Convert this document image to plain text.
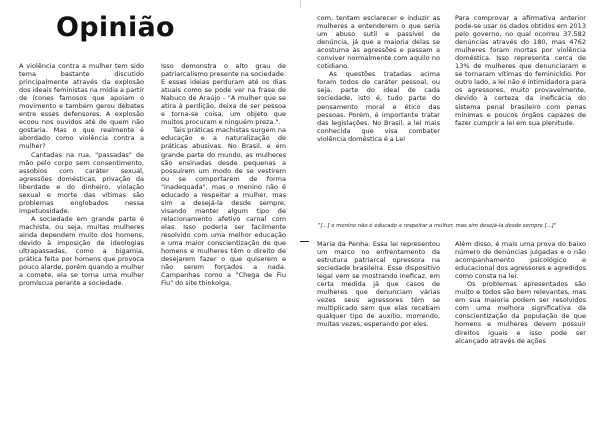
Opinião

A violência contra a mulher tem sido tema bastante discutido principalmente através da explosão dos ideais feministas na mídia a partir de ícones famosos que apoiam o movimento e também gerou debates entre esses defensores. A explosão ecoou nos ouvidos até de quem não gostaria. Mas o que realmente é abordado como violência contra a mulher?

Cantadas na rua, "passadas" de mão pelo corpo sem consentimento, assobios com caráter sexual, agressões domésticas, privação da liberdade e do dinheiro, violação sexual e morte das vítimas são problemas englobados nessa impetuosidade.

A sociedade em grande parte é machista, ou seja, muitas mulheres ainda dependem muito dos homens, devido à imposição de ideologias ultrapassadas, como a bigamia, prática feita por homens que provoca pouco alarde, porém quando a mulher a comete, ela se torna uma mulher promíscua perante a sociedade.

Isso demonstra o alto grau de patriarcalismo presente na sociedade. E essas ideias perduram até os dias atuais como se pode ver na frase de Nabuco de Araújo - "A mulher que se atira à perdição, deixa de ser pessoa e torna-se coisa, um objeto que muitos procuram e ninguém preza.".

Tais práticas machistas surgem na educação e a naturalização de práticas abusivas. No Brasil, e em grande parte do mundo, as mulheres são ensinadas desde pequenas a possuírem um modo de se vestirem ou se comportarem de forma "inadequada", mas o menino não é educado a respeitar a mulher, mas sim a desejá-la desde sempre, visando manter algum tipo de relacionamento afetivo carnal com elas. Isso poderia ser facilmente resolvido com uma melhor educação e uma maior conscientização de que homens e mulheres têm o direito de desejarem fazer o que quiserem e não serem forçados a nada. Campanhas como a "Chega de Fiu Fiu" do site thinkolga,

com, tentam esclarecer e induzir as mulheres a entenderem o que seria um abuso sutil e passível de denúncia, já que a maioria delas se acostuma às agressões e passam a conviver normalmente com aquilo no cotidiano.

As questões tratadas acima foram todos de caráter pessoal, ou seja, parte do ideal de cada sociedade, isto é, tudo parte do pensamento moral e ético das pessoas. Porém, é importante tratar das legislações. No Brasil, a lei mais conhecida que visa combater violência doméstica é a Lei

Para comprovar a afirmativa anterior pode-se usar os dados obtidos em 2013 pelo governo, no qual ocorreu 37.582 denúncias através do 180, mas 4762 mulheres foram mortas por violência doméstica. Isso representa cerca de 13% de mulheres que denunciaram e se tornaram vítimas do feminicídio. Por outro lado, a lei não é intimidadora para os agressores, muito provavelmente, devido à certeza da ineficácia do sistema penal brasileiro com penas mínimas e poucos órgãos capazes de fazer cumprir a lei em sua plenitude.

"[...] o menino não é educado a respeitar a mulher, mas sim desejá-la desde sempre [...]"

Maria da Penha. Essa lei representou um marco no enfrentamento da estrutura patriarcal opressora na sociedade brasileira. Esse dispositivo legal vem se mostrando ineficaz, em certa medida já que casos de mulheres que denunciam várias vezes seus agressores têm se multiplicado sem que elas recebam qualquer tipo de auxílio, morrendo, muitas vezes, esperando por eles.

Além disso, é mais uma prova do baixo número de denúncias julgadas e o não acompanhamento psicológico e educacional dos agressores e agredidos como consta na lei.

Os problemas apresentados são muito e todos são bem relevantes, mas em sua maioria podem ser resolvidos com uma melhora significativa da conscientização da população de que homens e mulheres devem possuir direitos iguais e isso pode ser alcançado através de ações
